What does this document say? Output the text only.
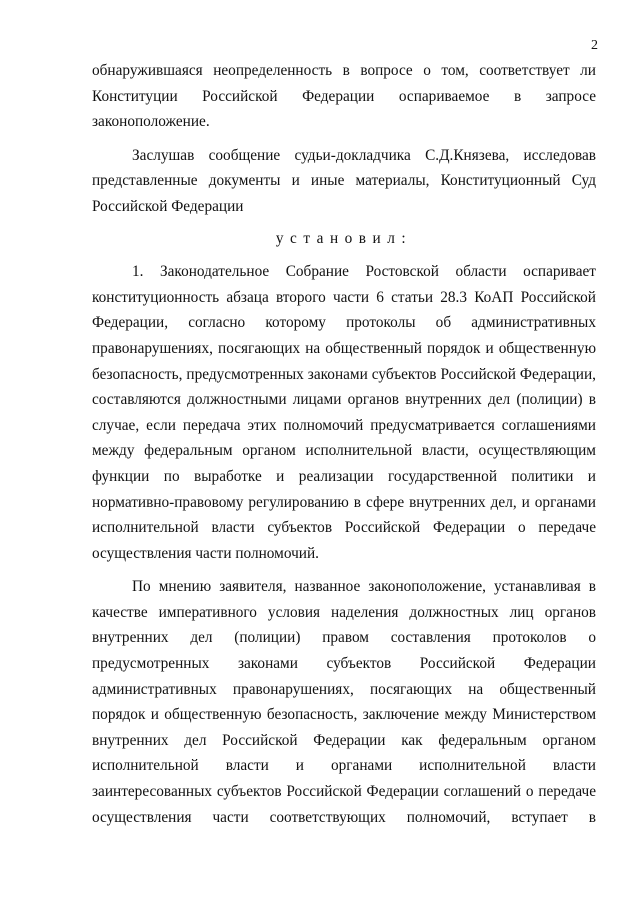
2
обнаружившаяся неопределенность в вопросе о том, соответствует ли
Конституции Российской Федерации оспариваемое в запросе
законоположение.
Заслушав сообщение судьи-докладчика С.Д.Князева, исследовав
представленные документы и иные материалы, Конституционный Суд
Российской Федерации
установил:
1. Законодательное Собрание Ростовской области оспаривает
конституционность абзаца второго части 6 статьи 28.3 КоАП Российской
Федерации, согласно которому протоколы об административных
правонарушениях, посягающих на общественный порядок и общественную
безопасность, предусмотренных законами субъектов Российской Федерации,
составляются должностными лицами органов внутренних дел (полиции) в
случае, если передача этих полномочий предусматривается соглашениями
между федеральным органом исполнительной власти, осуществляющим
функции по выработке и реализации государственной политики и
нормативно-правовому регулированию в сфере внутренних дел, и органами
исполнительной власти субъектов Российской Федерации о передаче
осуществления части полномочий.
По мнению заявителя, названное законоположение, устанавливая в
качестве императивного условия наделения должностных лиц органов
внутренних дел (полиции) правом составления протоколов о
предусмотренных законами субъектов Российской Федерации
административных правонарушениях, посягающих на общественный
порядок и общественную безопасность, заключение между Министерством
внутренних дел Российской Федерации как федеральным органом
исполнительной власти и органами исполнительной власти
заинтересованных субъектов Российской Федерации соглашений о передаче
осуществления части соответствующих полномочий, вступает в
